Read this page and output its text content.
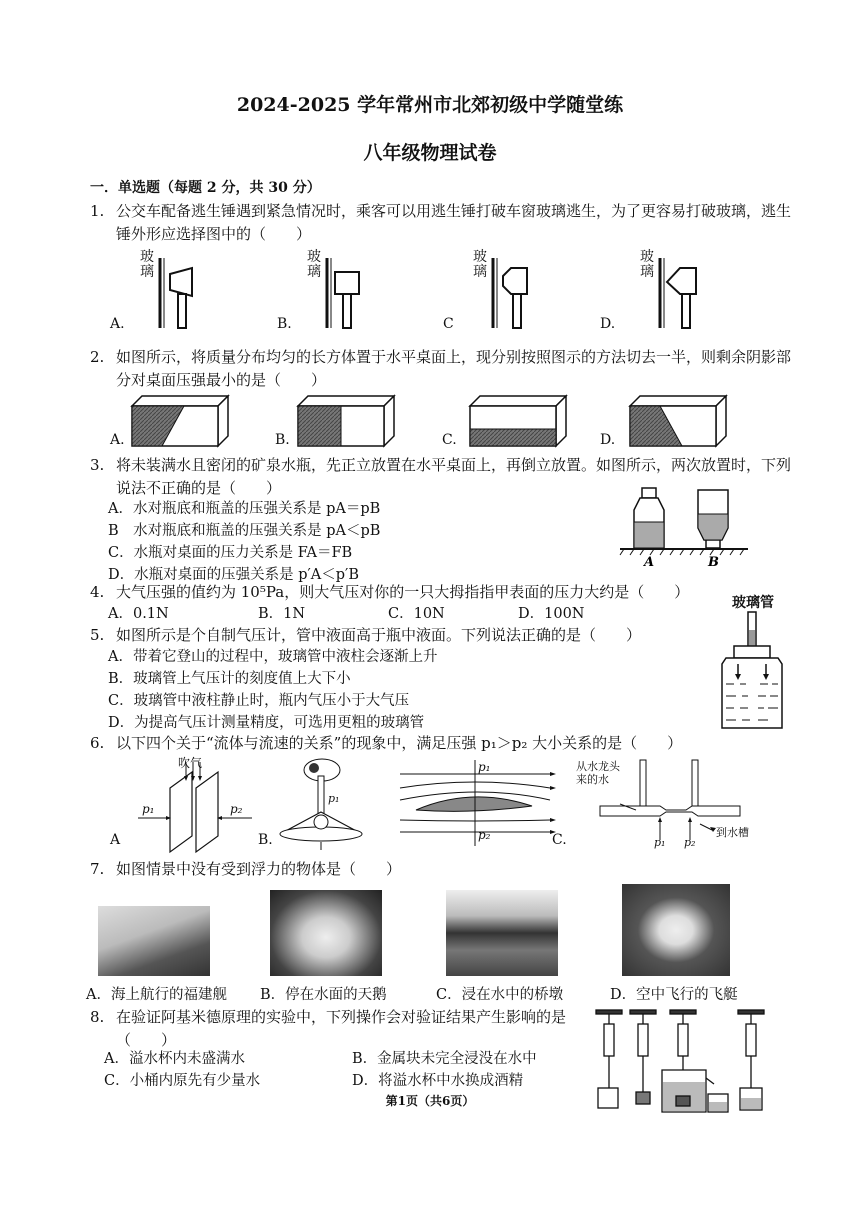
2024-2025 学年常州市北郊初级中学随堂练
八年级物理试卷
一．单选题（每题 2 分，共 30 分）
1. 公交车配备逃生锤遇到紧急情况时，乘客可以用逃生锤打破车窗玻璃逃生，为了更容易打破玻璃，逃生锤外形应选择图中的（　　）
玻璃
玻璃
玻璃
玻璃
A.	B.	C	D.
2. 如图所示，将质量分布均匀的长方体置于水平桌面上，现分别按照图示的方法切去一半，则剩余阴影部分对桌面压强最小的是（　　）
A.	B.	C.	D.
3. 将未装满水且密闭的矿泉水瓶，先正立放置在水平桌面上，再倒立放置。如图所示，两次放置时，下列说法不正确的是（　　）
A．水对瓶底和瓶盖的压强关系是 pA＝pB
B　水对瓶底和瓶盖的压强关系是 pA＜pB
C．水瓶对桌面的压力关系是 FA＝FB
D．水瓶对桌面的压强关系是 p′A＜p′B
A	B
4. 大气压强的值约为 10⁵Pa，则大气压对你的一只大拇指指甲表面的压力大约是（　　）
A．0.1N	B．1N	C．10N	D．100N
5. 如图所示是个自制气压计，管中液面高于瓶中液面。下列说法正确的是（　　）
A．带着它登山的过程中，玻璃管中液柱会逐渐上升
B．玻璃管上气压计的刻度值上大下小
C．玻璃管中液柱静止时，瓶内气压小于大气压
D．为提高气压计测量精度，可选用更粗的玻璃管
玻璃管
6. 以下四个关于“流体与流速的关系”的现象中，满足压强 p₁＞p₂ 大小关系的是（　　）
吹气
p₁	p₂
p₁
p₁
p₂
从水龙头
来的水
p₁ p₂
到水槽
A	B.	C.
7. 如图情景中没有受到浮力的物体是（　　）
A．海上航行的福建舰 B．停在水面的天鹅	C．浸在水中的桥墩	D．空中飞行的飞艇
8. 在验证阿基米德原理的实验中，下列操作会对验证结果产生影响的是（　　）
A．溢水杯内未盛满水	B．金属块未完全浸没在水中
C．小桶内原先有少量水	D．将溢水杯中水换成酒精
第1页（共6页）
